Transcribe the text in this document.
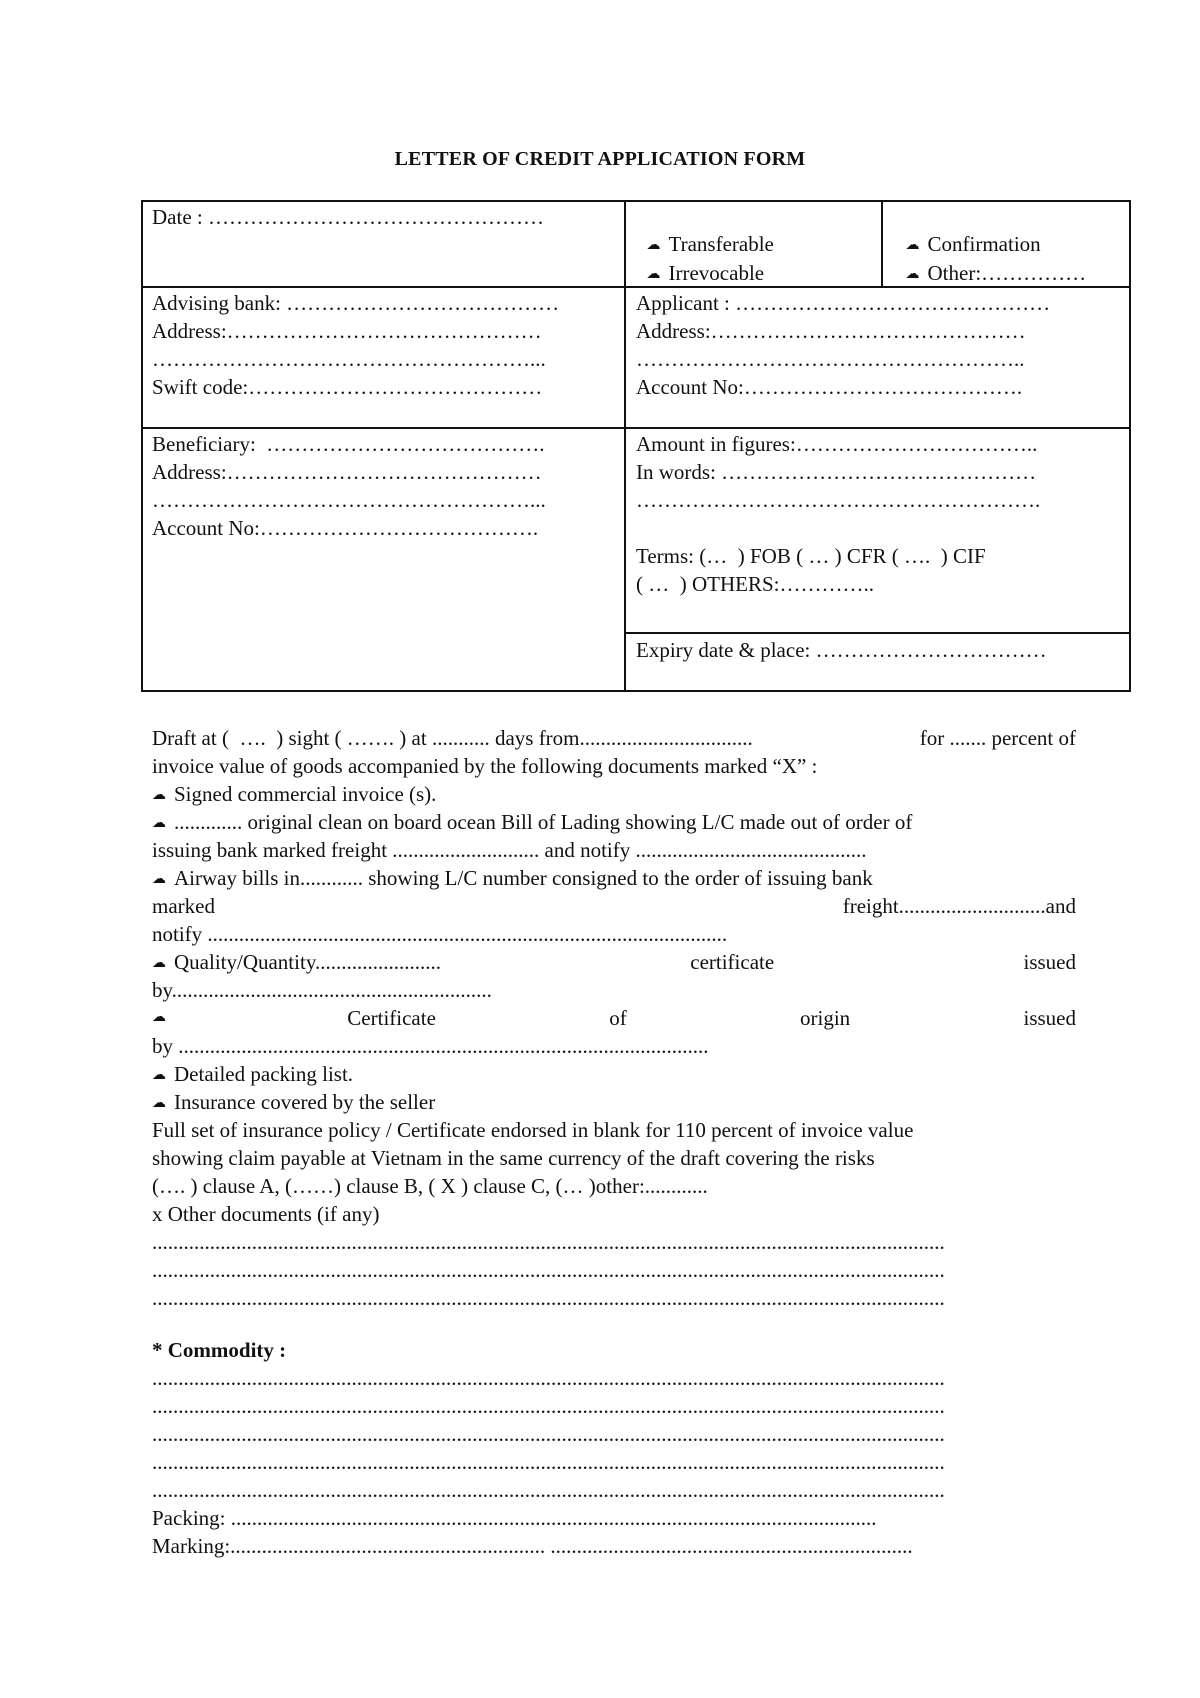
LETTER OF CREDIT APPLICATION FORM
Date : …………………………………………

☁ Transferable

☁ Irrevocable

☁ Confirmation

☁ Other:……………

Advising bank: …………………………………
Address:………………………………………
………………………………………………...
Swift code:……………………………………
Applicant : ………………………………………
Address:………………………………………
………………………………………………..
Account No:………………………………….
Beneficiary:  ………………………………….
Address:………………………………………
………………………………………………...
Account No:………………………………….
Amount in figures:……………………………..
In words: ………………………………………
………………………………………………….
Terms: (…  ) FOB ( … ) CFR ( ….  ) CIF
( …  ) OTHERS:…………..
Expiry date & place: ……………………………
Draft at ( …. ) sight ( ……. ) at ........... days from.................................	for ....... percent of
invoice value of goods accompanied by the following documents marked “X” :
☁ Signed commercial invoice (s).
☁ ............. original clean on board ocean Bill of Lading showing L/C made out of order of
issuing bank marked freight ............................ and notify ............................................
☁ Airway bills in............ showing L/C number consigned to the order of issuing bank
marked	freight............................and
notify ...................................................................................................
☁ Quality/Quantity........................	certificate	issued
by.............................................................
☁	Certificate	of	origin	issued
by .....................................................................................................
☁ Detailed packing list.
☁ Insurance covered by the seller
Full set of insurance policy / Certificate endorsed in blank for 110 percent of invoice value
showing claim payable at Vietnam in the same currency of the draft covering the risks
(…. ) clause A, (……) clause B, ( X ) clause C, (… )other:............
x Other documents (if any)
.......................................................................................................................................................
.......................................................................................................................................................
.......................................................................................................................................................
* Commodity :
.......................................................................................................................................................
.......................................................................................................................................................
.......................................................................................................................................................
.......................................................................................................................................................
.......................................................................................................................................................
Packing: ...........................................................................................................................
Marking:............................................................ .....................................................................
